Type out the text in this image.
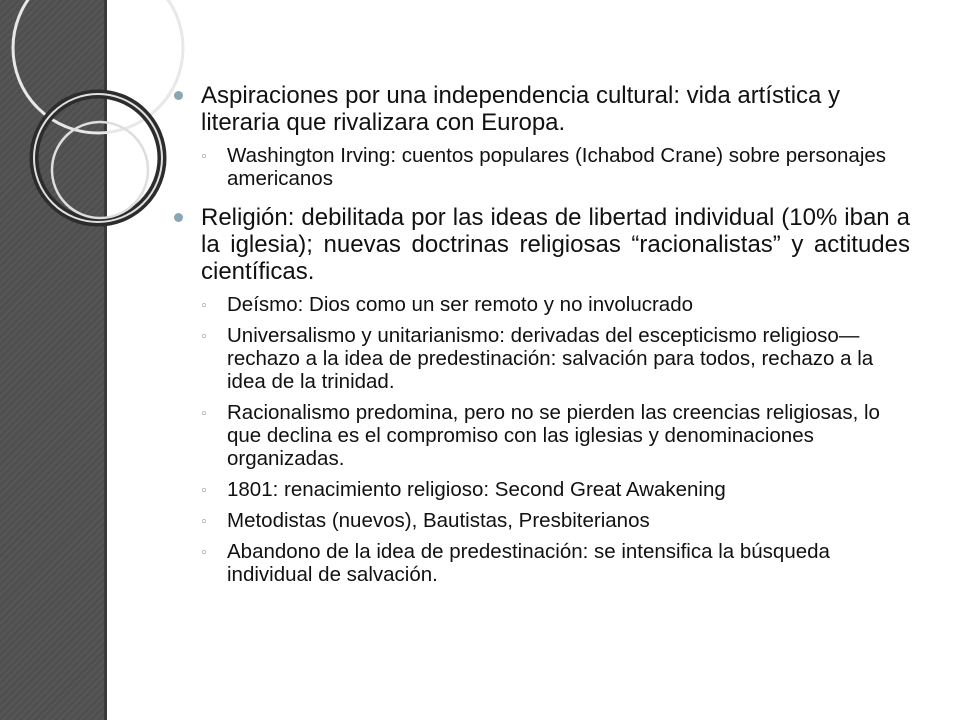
Aspiraciones por una independencia cultural: vida artística y literaria que rivalizara con Europa.
◦ Washington Irving: cuentos populares (Ichabod Crane) sobre personajes americanos
Religión: debilitada por las ideas de libertad individual (10% iban a la iglesia); nuevas doctrinas religiosas “racionalistas” y actitudes científicas.
◦ Deísmo: Dios como un ser remoto y no involucrado
◦ Universalismo y unitarianismo: derivadas del escepticismo religioso—rechazo a la idea de predestinación: salvación para todos, rechazo a la idea de la trinidad.
◦ Racionalismo predomina, pero no se pierden las creencias religiosas, lo que declina es el compromiso con las iglesias y denominaciones organizadas.
◦ 1801: renacimiento religioso: Second Great Awakening
◦ Metodistas (nuevos), Bautistas, Presbiterianos
◦ Abandono de la idea de predestinación: se intensifica la búsqueda individual de salvación.
